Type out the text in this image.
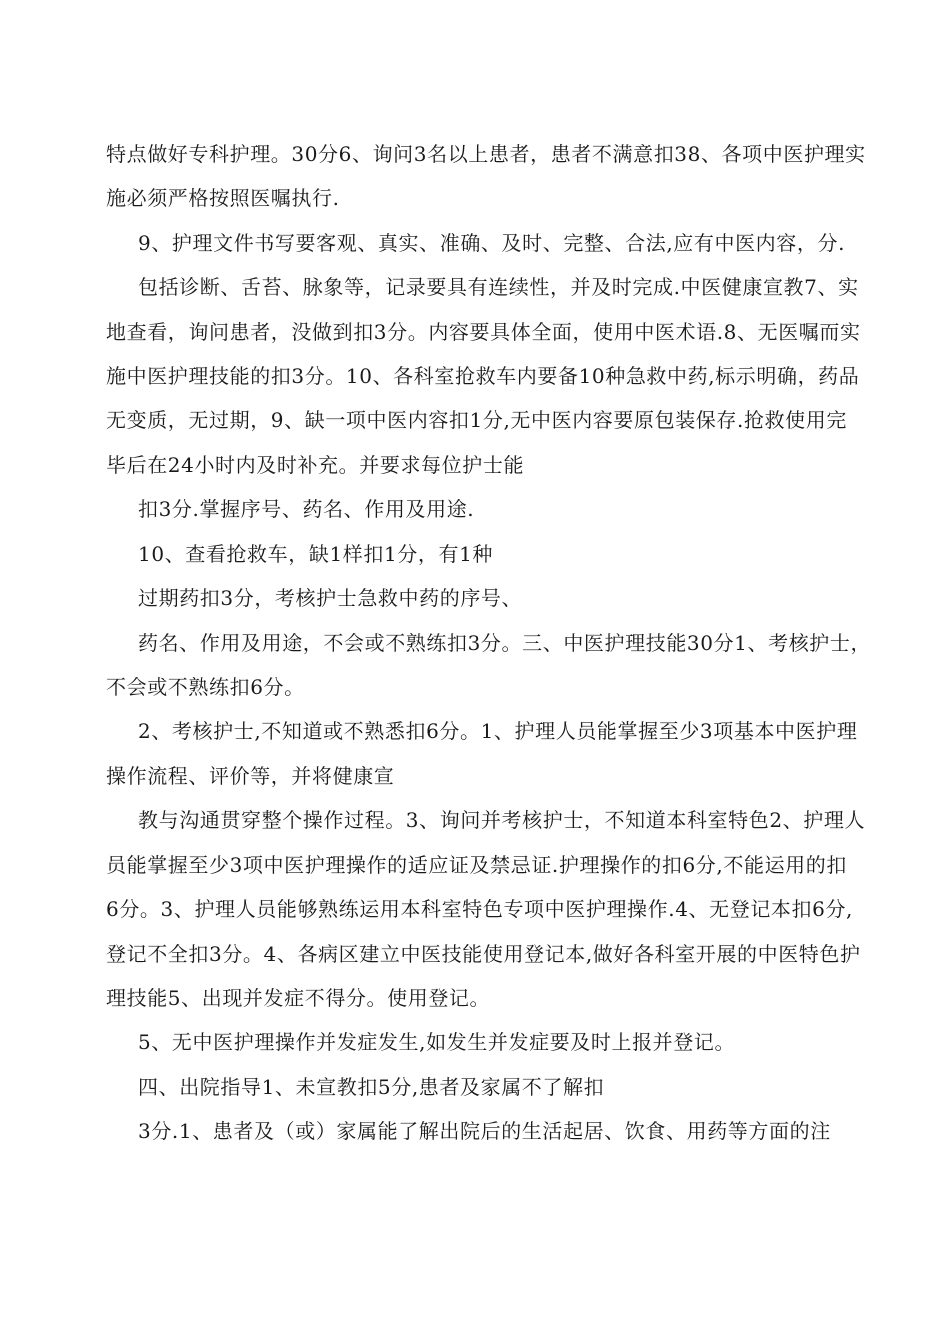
特点做好专科护理。30分6、询问3名以上患者，患者不满意扣38、各项中医护理实
施必须严格按照医嘱执行.
9、护理文件书写要客观、真实、准确、及时、完整、合法,应有中医内容，分.
包括诊断、舌苔、脉象等，记录要具有连续性，并及时完成.中医健康宣教7、实
地查看，询问患者，没做到扣3分。内容要具体全面，使用中医术语.8、无医嘱而实
施中医护理技能的扣3分。10、各科室抢救车内要备10种急救中药,标示明确，药品
无变质，无过期，9、缺一项中医内容扣1分,无中医内容要原包装保存.抢救使用完
毕后在24小时内及时补充。并要求每位护士能
扣3分.掌握序号、药名、作用及用途.
10、查看抢救车，缺1样扣1分，有1种
过期药扣3分，考核护士急救中药的序号、
药名、作用及用途，不会或不熟练扣3分。三、中医护理技能30分1、考核护士，
不会或不熟练扣6分。
2、考核护士,不知道或不熟悉扣6分。1、护理人员能掌握至少3项基本中医护理
操作流程、评价等，并将健康宣
教与沟通贯穿整个操作过程。3、询问并考核护士，不知道本科室特色2、护理人
员能掌握至少3项中医护理操作的适应证及禁忌证.护理操作的扣6分,不能运用的扣
6分。3、护理人员能够熟练运用本科室特色专项中医护理操作.4、无登记本扣6分,
登记不全扣3分。4、各病区建立中医技能使用登记本,做好各科室开展的中医特色护
理技能5、出现并发症不得分。使用登记。
5、无中医护理操作并发症发生,如发生并发症要及时上报并登记。
四、出院指导1、未宣教扣5分,患者及家属不了解扣
3分.1、患者及（或）家属能了解出院后的生活起居、饮食、用药等方面的注
